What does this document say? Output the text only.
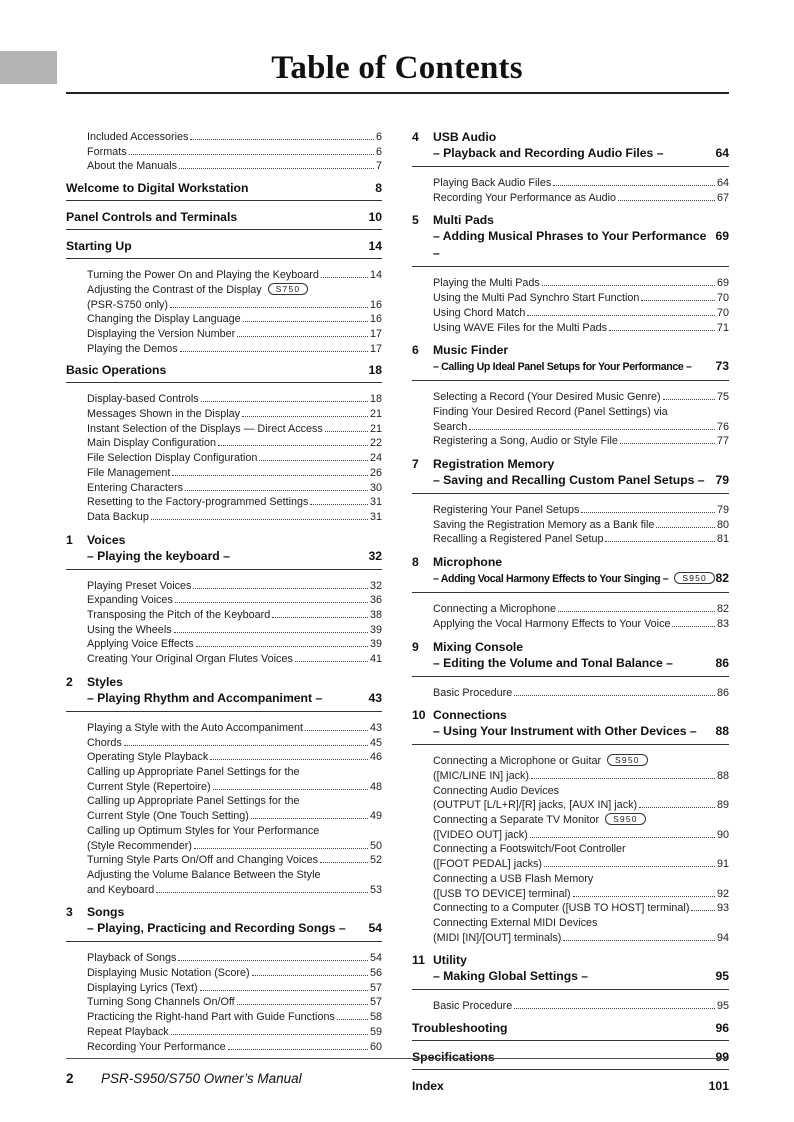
Table of Contents
Included Accessories	6
Formats	6
About the Manuals	7
Welcome to Digital Workstation	8
Panel Controls and Terminals	10
Starting Up	14
Turning the Power On and Playing the Keyboard	14
Adjusting the Contrast of the Display S750
(PSR-S750 only)	16
Changing the Display Language	16
Displaying the Version Number	17
Playing the Demos	17
Basic Operations	18
Display-based Controls	18
Messages Shown in the Display	21
Instant Selection of the Displays — Direct Access	21
Main Display Configuration	22
File Selection Display Configuration	24
File Management	26
Entering Characters	30
Resetting to the Factory-programmed Settings	31
Data Backup	31
1	Voices
– Playing the keyboard –	32
Playing Preset Voices	32
Expanding Voices	36
Transposing the Pitch of the Keyboard	38
Using the Wheels	39
Applying Voice Effects	39
Creating Your Original Organ Flutes Voices	41
2	Styles
– Playing Rhythm and Accompaniment –	43
Playing a Style with the Auto Accompaniment	43
Chords	45
Operating Style Playback	46
Calling up Appropriate Panel Settings for the
Current Style (Repertoire)	48
Calling up Appropriate Panel Settings for the
Current Style (One Touch Setting)	49
Calling up Optimum Styles for Your Performance
(Style Recommender)	50
Turning Style Parts On/Off and Changing Voices	52
Adjusting the Volume Balance Between the Style
and Keyboard	53
3	Songs
– Playing, Practicing and Recording Songs – 54
Playback of Songs	54
Displaying Music Notation (Score)	56
Displaying Lyrics (Text)	57
Turning Song Channels On/Off	57
Practicing the Right-hand Part with Guide Functions	58
Repeat Playback	59
Recording Your Performance	60
4	USB Audio
– Playback and Recording Audio Files –	64
Playing Back Audio Files	64
Recording Your Performance as Audio	67
5	Multi Pads
– Adding Musical Phrases to Your Performance –
69
Playing the Multi Pads	69
Using the Multi Pad Synchro Start Function	70
Using Chord Match	70
Using WAVE Files for the Multi Pads	71
6	Music Finder
– Calling Up Ideal Panel Setups for Your Performance – 73
Selecting a Record (Your Desired Music Genre)	75
Finding Your Desired Record (Panel Settings) via
Search	76
Registering a Song, Audio or Style File	77
7	Registration Memory
– Saving and Recalling Custom Panel Setups – 79
Registering Your Panel Setups	79
Saving the Registration Memory as a Bank file	80
Recalling a Registered Panel Setup	81
8	Microphone
– Adding Vocal Harmony Effects to Your Singing – S950 82
Connecting a Microphone	82
Applying the Vocal Harmony Effects to Your Voice	83
9	Mixing Console
– Editing the Volume and Tonal Balance –	86
Basic Procedure	86
10 Connections
– Using Your Instrument with Other Devices – 88
Connecting a Microphone or Guitar S950
([MIC/LINE IN] jack)	88
Connecting Audio Devices
(OUTPUT [L/L+R]/[R] jacks, [AUX IN] jack)	89
Connecting a Separate TV Monitor S950
([VIDEO OUT] jack)	90
Connecting a Footswitch/Foot Controller
([FOOT PEDAL] jacks)	91
Connecting a USB Flash Memory
([USB TO DEVICE] terminal)	92
Connecting to a Computer ([USB TO HOST] terminal)	93
Connecting External MIDI Devices
(MIDI [IN]/[OUT] terminals)	94
11 Utility
– Making Global Settings –	95
Basic Procedure	95
Troubleshooting	96
Specifications	99
Index	101
2 PSR-S950/S750 Owner’s Manual
